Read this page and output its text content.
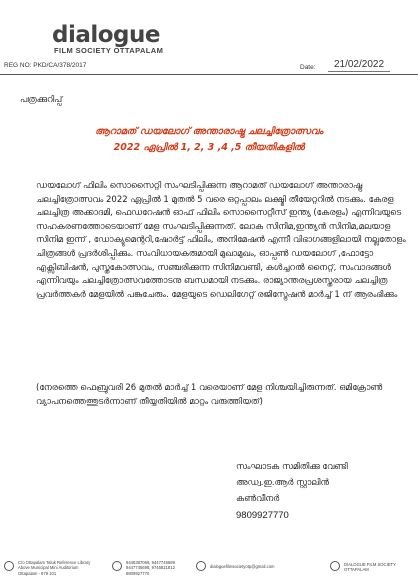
dialogue
FILM SOCIETY OTTAPALAM
REG NO: PKD/CA/378/2017	Date:	21/02/2022
പത്രക്കുറിപ്പ്
ആറാമത് ഡയലോഗ് അന്താരാഷ്ട്ര ചലച്ചിത്രോത്സവം
2022 ഏപ്രിൽ 1, 2, 3 ,4 ,5 തീയതികളിൽ
ഡയലോഗ് ഫിലിം സൊസൈറ്റി സംഘടിപ്പിക്കുന്ന ആറാമത് ഡയലോഗ് അന്താരാഷ്ട്ര ചലച്ചിത്രോത്സവം 2022 ഏപ്രിൽ 1 മുതൽ 5 വരെ ഒറ്റപ്പാലം ലക്ഷ്മി തീയേറ്ററിൽ നടക്കും. കേരള ചലച്ചിത്ര അക്കാദമി, ഫെഡറേഷൻ ഓഫ് ഫിലിം സൊസൈറ്റീസ് ഇന്ത്യ (കേരളം) എന്നിവയുടെ സഹകരണത്തോടെയാണ് മേള സംഘടിപ്പിക്കുന്നത്. ലോക സിനിമ,ഇന്ത്യൻ സിനിമ,മലയാള സിനിമ ഇന്ന് , ഡോക്യുമെന്ററി,ഷോർട്ട് ഫിലിം, അനിമേഷൻ എന്നീ വിഭാഗങ്ങളിലായി നല്ലതോളം ചിത്രങ്ങൾ പ്രദർശിപ്പിക്കും. സംവിധായകരുമായി മുഖാമുഖം, ഓപ്പൺ ഡയലോഗ് ,ഫോട്ടോ എക്സിബിഷൻ, പുസ്തകോത്സവം, സഞ്ചരിക്കുന്ന സിനിമവണ്ടി, കൾച്ചറൽ നൈറ്റ്, സംവാദങ്ങൾ എന്നിവയും ചലച്ചിത്രോത്സവത്തോടനു ബന്ധമായി നടക്കും. രാജ്യാന്തരപ്രശസ്തരായ ചലച്ചിത്ര പ്രവർത്തകർ മേളയിൽ പങ്കുചേരും. മേളയുടെ ഡെലിഗേറ്റ് രജിസ്ട്രേഷൻ മാർച്ച് 1 ന് ആരംഭിക്കും
(നേരത്തെ ഫെബ്രുവരി 26 മുതൽ മാർച്ച് 1 വരെയാണ് മേള നിശ്ചയിച്ചിരുന്നത്. ഒമിക്രോൺ വ്യാപനത്തെത്തുടർന്നാണ് തീയ്യതിയിൽ മാറ്റം വരുത്തിയത്)
സംഘാടക സമിതിക്കു വേണ്ടി
അഡ്വ.ഇ.ആർ സ്റ്റാലിൻ
കൺവീനർ
9809927770
C/o Ottapalam Taluk Reference Library
Above Municipal Mini Auditorium
Ottapalam - 679 101
9446387069, 9447745689
9447745698, 9745821812
9809927770
dialoguefilmsocietyotp@gmail.com	DIALOGUE FILM SOCIETY
OTTAPALAM
